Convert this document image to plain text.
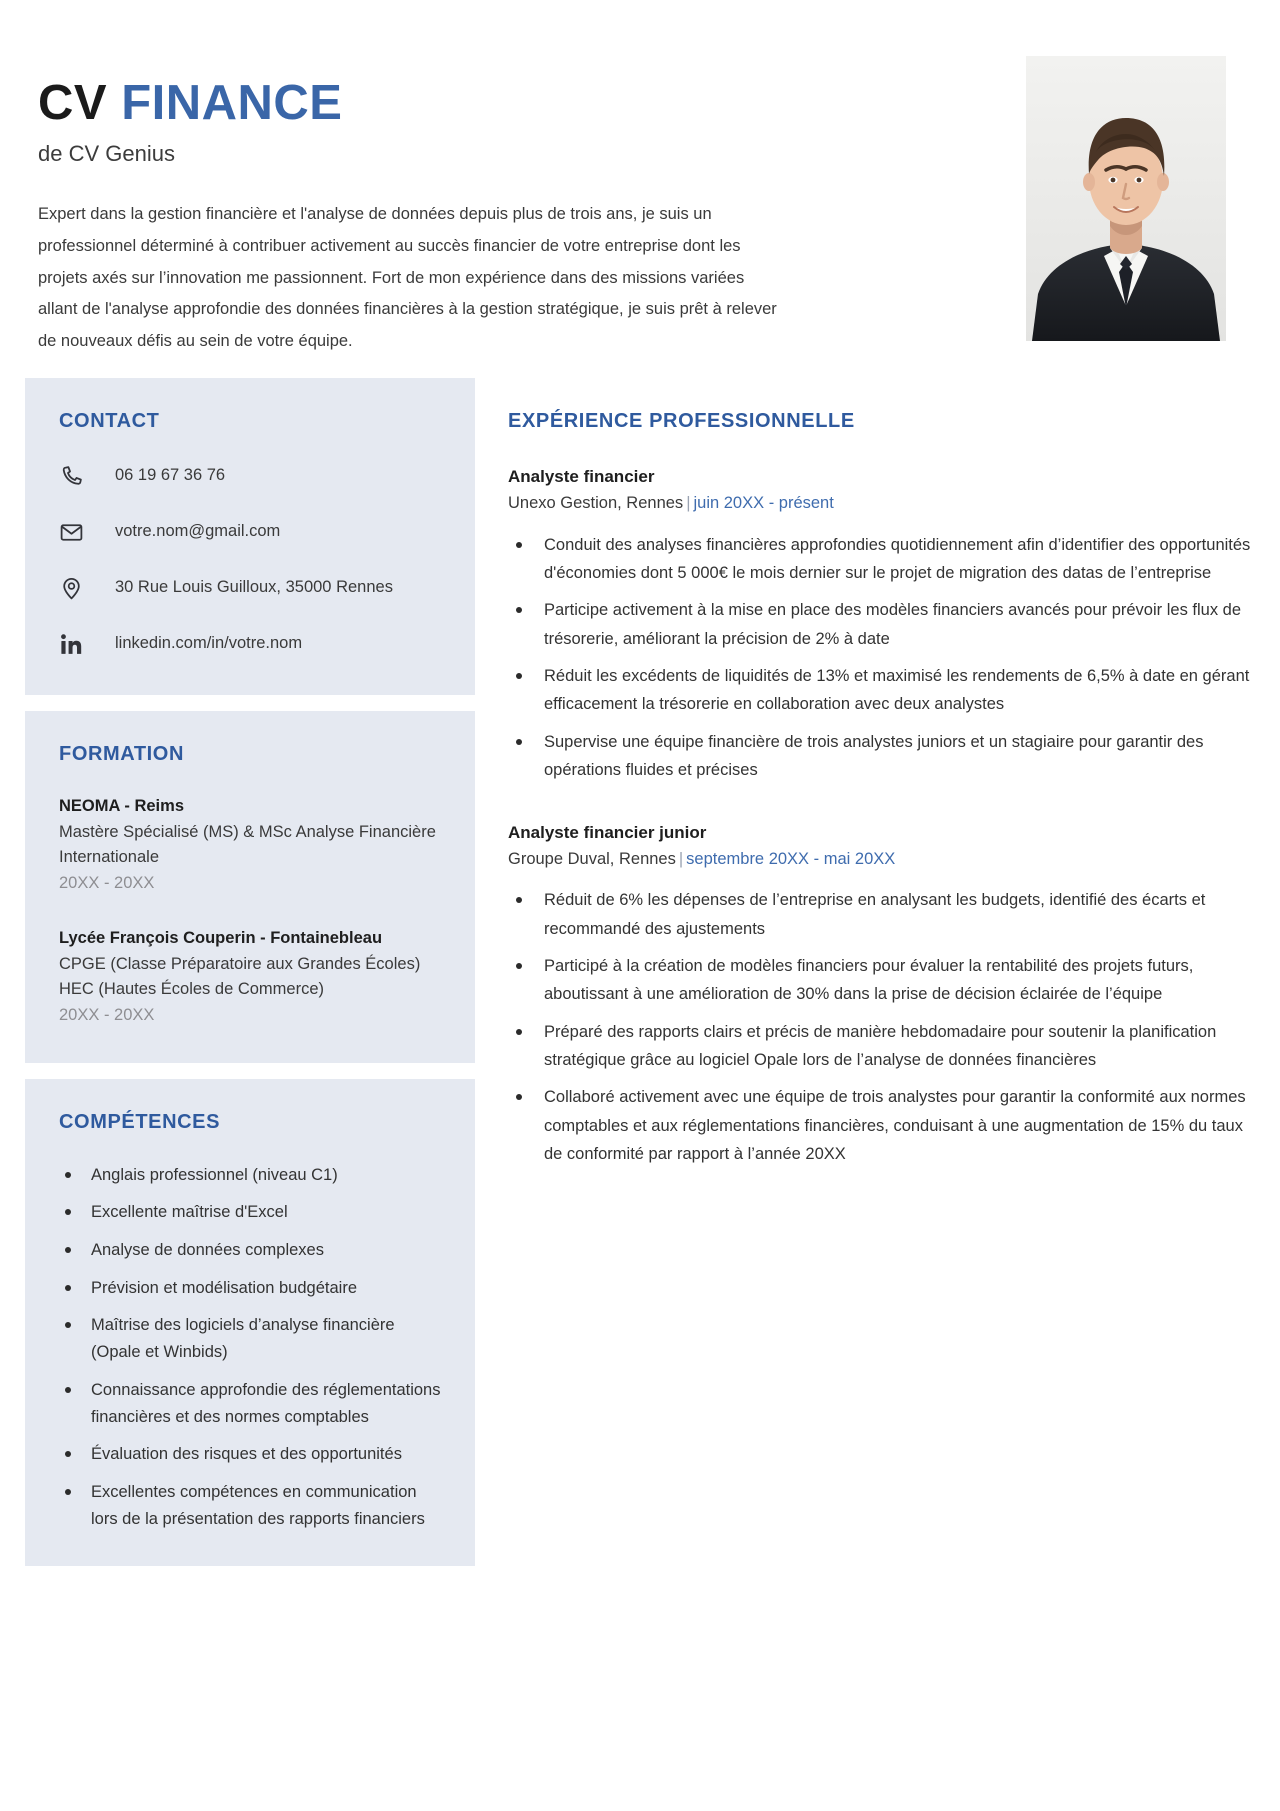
CV FINANCE
de CV Genius
Expert dans la gestion financière et l'analyse de données depuis plus de trois ans, je suis un professionnel déterminé à contribuer activement au succès financier de votre entreprise dont les projets axés sur l’innovation me passionnent. Fort de mon expérience dans des missions variées allant de l'analyse approfondie des données financières à la gestion stratégique, je suis prêt à relever de nouveaux défis au sein de votre équipe.
CONTACT
06 19 67 36 76
votre.nom@gmail.com
30 Rue Louis Guilloux, 35000 Rennes
linkedin.com/in/votre.nom
FORMATION
NEOMA - Reims
Mastère Spécialisé (MS) & MSc Analyse Financière Internationale
20XX - 20XX
Lycée François Couperin - Fontainebleau
CPGE (Classe Préparatoire aux Grandes Écoles) HEC (Hautes Écoles de Commerce)
20XX - 20XX
COMPÉTENCES
Anglais professionnel (niveau C1)
Excellente maîtrise d'Excel
Analyse de données complexes
Prévision et modélisation budgétaire
Maîtrise des logiciels d’analyse financière (Opale et Winbids)
Connaissance approfondie des réglementations financières et des normes comptables
Évaluation des risques et des opportunités
Excellentes compétences en communication lors de la présentation des rapports financiers
EXPÉRIENCE PROFESSIONNELLE
Analyste financier
Unexo Gestion, Rennes | juin 20XX - présent
Conduit des analyses financières approfondies quotidiennement afin d’identifier des opportunités d'économies dont 5 000€ le mois dernier sur le projet de migration des datas de l’entreprise
Participe activement à la mise en place des modèles financiers avancés pour prévoir les flux de trésorerie, améliorant la précision de 2% à date
Réduit les excédents de liquidités de 13% et maximisé les rendements de 6,5% à date en gérant efficacement la trésorerie en collaboration avec deux analystes
Supervise une équipe financière de trois analystes juniors et un stagiaire pour garantir des opérations fluides et précises
Analyste financier junior
Groupe Duval, Rennes | septembre 20XX - mai 20XX
Réduit de 6% les dépenses de l’entreprise en analysant les budgets, identifié des écarts et recommandé des ajustements
Participé à la création de modèles financiers pour évaluer la rentabilité des projets futurs, aboutissant à une amélioration de 30% dans la prise de décision éclairée de l’équipe
Préparé des rapports clairs et précis de manière hebdomadaire pour soutenir la planification stratégique grâce au logiciel Opale lors de l’analyse de données financières
Collaboré activement avec une équipe de trois analystes pour garantir la conformité aux normes comptables et aux réglementations financières, conduisant à une augmentation de 15% du taux de conformité par rapport à l’année 20XX
